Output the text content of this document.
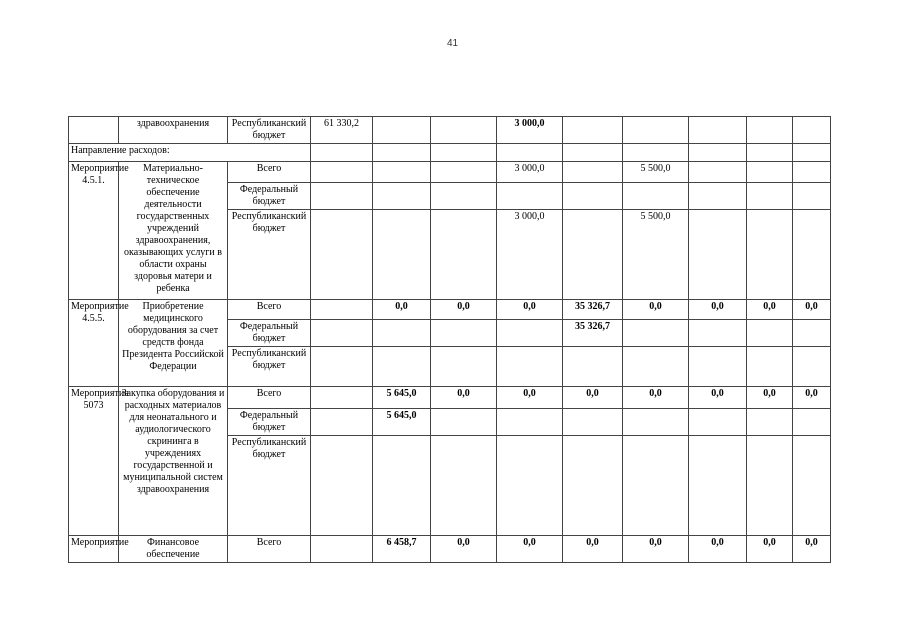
41
	здравоохранения	Республиканский бюджет	61 330,2			3 000,0					
Направление расходов:											
Мероприятие 4.5.1.	Материально-техническое обеспечение деятельности государственных учреждений здравоохранения, оказывающих услуги в области охраны здоровья матери и ребенка	Всего				3 000,0		5 500,0			
		Федеральный бюджет									
		Республиканский бюджет				3 000,0		5 500,0			
Мероприятие 4.5.5.	Приобретение медицинского оборудования за счет средств фонда Президента Российской Федерации	Всего		0,0	0,0	0,0	35 326,7	0,0	0,0	0,0	0,0
		Федеральный бюджет					35 326,7				
		Республиканский бюджет									
Мероприятие 5073	Закупка оборудования и расходных материалов для неонатального и аудиологического скрининга в учреждениях государственной и муниципальной систем здравоохранения	Всего		5 645,0	0,0	0,0	0,0	0,0	0,0	0,0	0,0
		Федеральный бюджет		5 645,0							
		Республиканский бюджет									
Мероприятие	Финансовое обеспечение	Всего		6 458,7	0,0	0,0	0,0	0,0	0,0	0,0	0,0
